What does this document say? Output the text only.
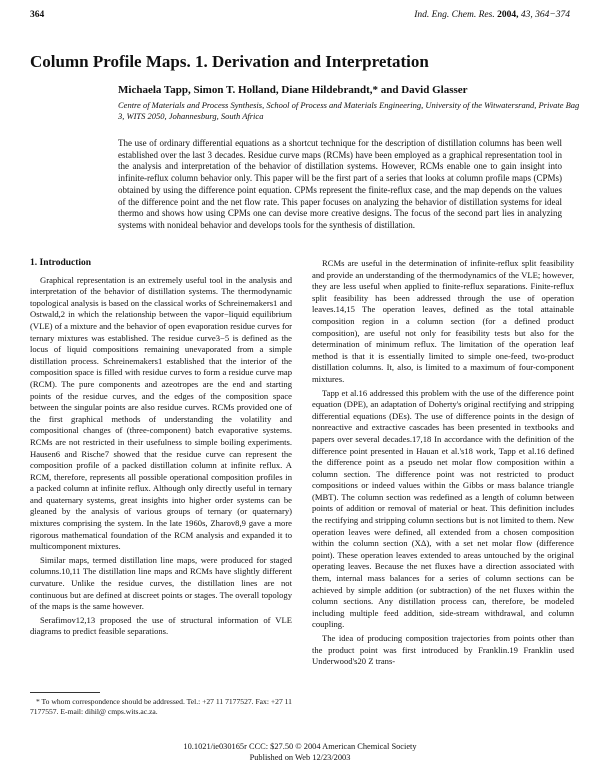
364	Ind. Eng. Chem. Res. 2004, 43, 364−374
Column Profile Maps. 1. Derivation and Interpretation
Michaela Tapp, Simon T. Holland, Diane Hildebrandt,* and David Glasser
Centre of Materials and Process Synthesis, School of Process and Materials Engineering, University of the Witwatersrand, Private Bag 3, WITS 2050, Johannesburg, South Africa
The use of ordinary differential equations as a shortcut technique for the description of distillation columns has been well established over the last 3 decades. Residue curve maps (RCMs) have been employed as a graphical representation tool in the analysis and interpretation of the behavior of distillation systems. However, RCMs enable one to gain insight into infinite-reflux column behavior only. This paper will be the first part of a series that looks at column profile maps (CPMs) obtained by using the difference point equation. CPMs represent the finite-reflux case, and the map depends on the values of the difference point and the net flow rate. This paper focuses on analyzing the behavior of distillation systems for ideal thermo and shows how using CPMs one can devise more creative designs. The focus of the second part lies in analyzing systems with nonideal behavior and develops tools for the synthesis of distillation.
1. Introduction

Graphical representation is an extremely useful tool in the analysis and interpretation of the behavior of distillation systems. The thermodynamic topological analysis is based on the classical works of Schreinemakers1 and Ostwald,2 in which the relationship between the vapor−liquid equilibrium (VLE) of a mixture and the behavior of open evaporation residue curves for ternary mixtures was established. The residue curve3−5 is defined as the locus of liquid compositions remaining unevaporated from a simple distillation process. Schreinemakers1 established that the interior of the composition space is filled with residue curves to form a residue curve map (RCM). The pure components and azeotropes are the end and starting points of the residue curves, and the edges of the composition space between the singular points are also residue curves. RCMs provided one of the first graphical methods of understanding the volatility and compositional changes of (three-component) batch evaporative systems. RCMs are not restricted in their usefulness to simple boiling experiments. Hausen6 and Rische7 showed that the residue curve can represent the composition profile of a packed distillation column at infinite reflux. A RCM, therefore, represents all possible operational composition profiles in a packed column at infinite reflux. Although only directly useful in ternary and quaternary systems, great insights into higher order systems can be gleaned by the analysis of various groups of ternary (or quaternary) mixtures comprising the system. In the late 1960s, Zharov8,9 gave a more rigorous mathematical foundation of the RCM analysis and expanded it to multicomponent mixtures.

Similar maps, termed distillation line maps, were produced for staged columns.10,11 The distillation line maps and RCMs have slightly different curvature. Unlike the residue curves, the distillation lines are not continuous but are defined at discreet points or stages. The overall topology of the maps is the same however.

Serafimov12,13 proposed the use of structural information of VLE diagrams to predict feasible separations.

RCMs are useful in the determination of infinite-reflux split feasibility and provide an understanding of the thermodynamics of the VLE; however, they are less useful when applied to finite-reflux separations. Finite-reflux split feasibility has been addressed through the use of operation leaves.14,15 The operation leaves, defined as the total attainable composition region in a column section (for a defined product composition), are useful not only for feasibility tests but also for the determination of minimum reflux. The limitation of the operation leaf method is that it is essentially limited to simple one-feed, two-product distillation columns. It, also, is limited to a maximum of four-component mixtures.

Tapp et al.16 addressed this problem with the use of the difference point equation (DPE), an adaptation of Doherty's original rectifying and stripping differential equations (DEs). The use of difference points in the design of nonreactive and extractive cascades has been presented in textbooks and papers over several decades.17,18 In accordance with the definition of the difference point presented in Hauan et al.'s18 work, Tapp et al.16 defined the difference point as a pseudo net molar flow composition within a column section. The difference point was not restricted to product compositions or indeed values within the Gibbs or mass balance triangle (MBT). The column section was redefined as a length of column between points of addition or removal of material or heat. This definition includes the rectifying and stripping column sections but is not limited to them. New operation leaves were defined, all extended from a chosen composition within the column section (XΔ), with a set net molar flow (difference point). These operation leaves extended to areas untouched by the original operating leaves. Because the net fluxes have a direction associated with them, internal mass balances for a series of column sections can be achieved by simple addition (or subtraction) of the net fluxes within the column sections. Any distillation process can, therefore, be modeled including multiple feed addition, side-stream withdrawal, and column coupling.

The idea of producing composition trajectories from points other than the product point was first introduced by Franklin.19 Franklin used Underwood's20 Z trans-

* To whom correspondence should be addressed. Tel.: +27 11 7177527. Fax: +27 11 7177557. E-mail: dihil@ cmps.wits.ac.za.
10.1021/ie030165r CCC: $27.50 © 2004 American Chemical Society
Published on Web 12/23/2003
